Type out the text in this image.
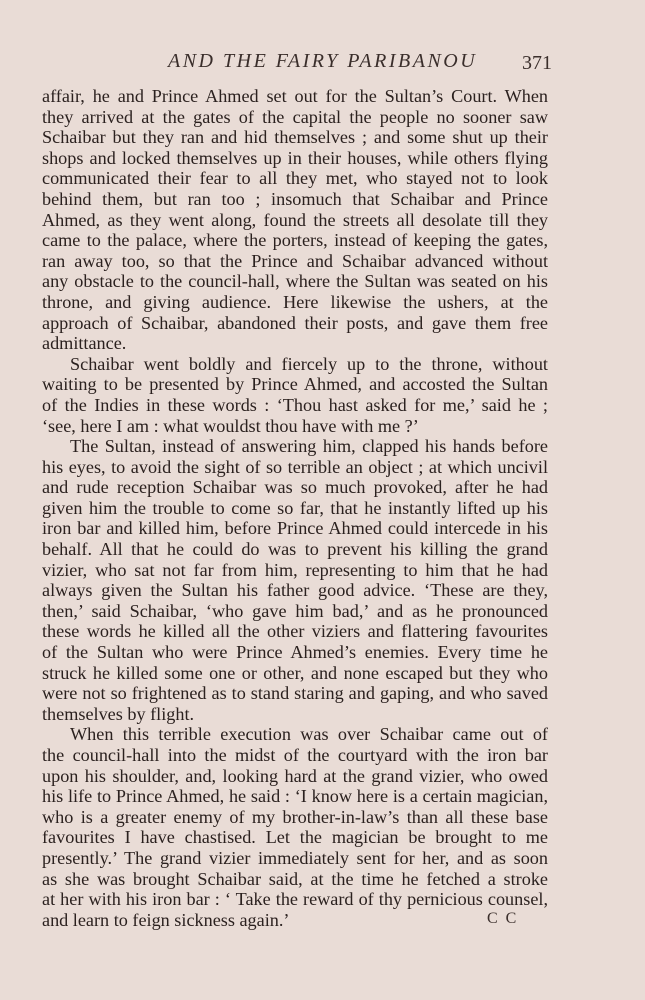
AND THE FAIRY PARIBANOU 371
affair, he and Prince Ahmed set out for the Sultan’s Court. When
they arrived at the gates of the capital the people no sooner saw
Schaibar but they ran and hid themselves ; and some shut up their
shops and locked themselves up in their houses, while others flying
communicated their fear to all they met, who stayed not to look
behind them, but ran too ; insomuch that Schaibar and Prince
Ahmed, as they went along, found the streets all desolate till they
came to the palace, where the porters, instead of keeping the gates,
ran away too, so that the Prince and Schaibar advanced without
any obstacle to the council-hall, where the Sultan was seated on his
throne, and giving audience. Here likewise the ushers, at the
approach of Schaibar, abandoned their posts, and gave them free
admittance.
Schaibar went boldly and fiercely up to the throne, without
waiting to be presented by Prince Ahmed, and accosted the Sultan
of the Indies in these words : ‘Thou hast asked for me,’ said he ;
‘see, here I am : what wouldst thou have with me ?’
The Sultan, instead of answering him, clapped his hands before
his eyes, to avoid the sight of so terrible an object ; at which uncivil
and rude reception Schaibar was so much provoked, after he had
given him the trouble to come so far, that he instantly lifted up his
iron bar and killed him, before Prince Ahmed could intercede in his
behalf. All that he could do was to prevent his killing the grand
vizier, who sat not far from him, representing to him that he had
always given the Sultan his father good advice. ‘These are they,
then,’ said Schaibar, ‘who gave him bad,’ and as he pronounced
these words he killed all the other viziers and flattering favourites
of the Sultan who were Prince Ahmed’s enemies. Every time he
struck he killed some one or other, and none escaped but they who
were not so frightened as to stand staring and gaping, and who saved
themselves by flight.
When this terrible execution was over Schaibar came out of
the council-hall into the midst of the courtyard with the iron bar
upon his shoulder, and, looking hard at the grand vizier, who owed
his life to Prince Ahmed, he said : ‘I know here is a certain magician,
who is a greater enemy of my brother-in-law’s than all these base
favourites I have chastised. Let the magician be brought to me
presently.’ The grand vizier immediately sent for her, and as soon
as she was brought Schaibar said, at the time he fetched a stroke
at her with his iron bar : ‘ Take the reward of thy pernicious counsel,
and learn to feign sickness again.’	C C
